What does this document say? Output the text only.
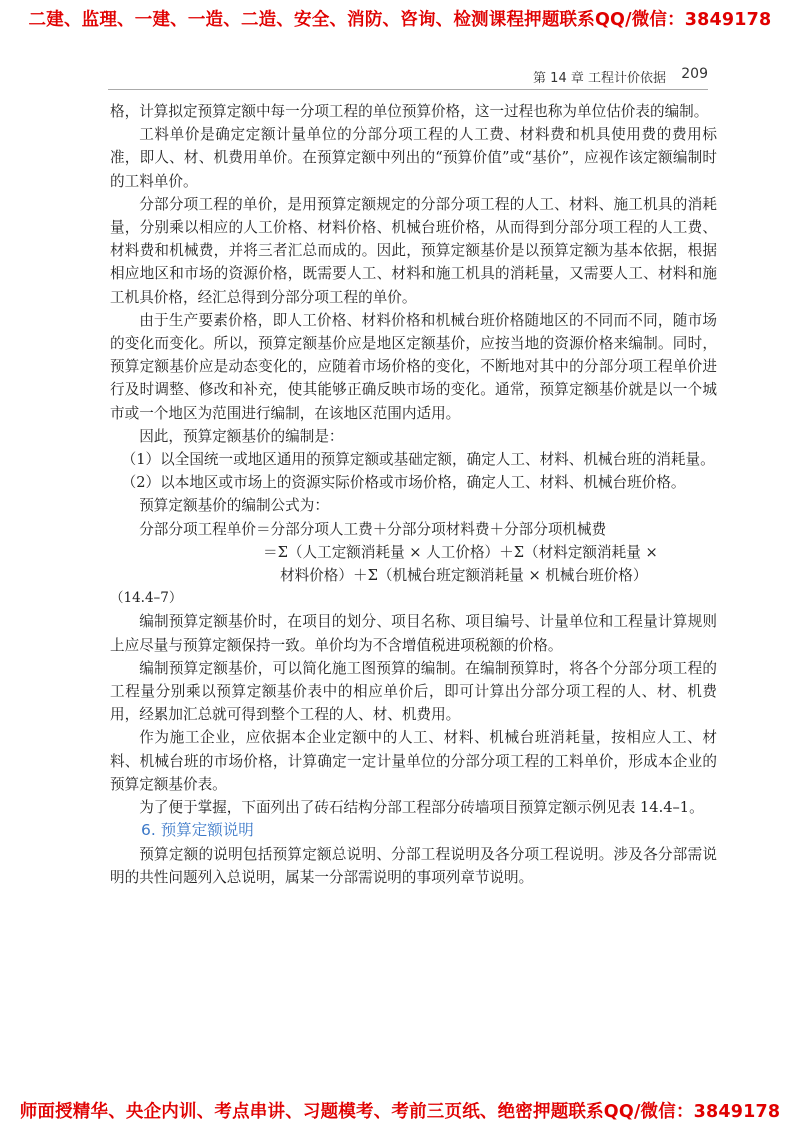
二建、监理、一建、一造、二造、安全、消防、咨询、检测课程押题联系QQ/微信：3849178
第 14 章 工程计价依据 209

格，计算拟定预算定额中每一分项工程的单位预算价格，这一过程也称为单位估价表的编制。

工料单价是确定定额计量单位的分部分项工程的人工费、材料费和机具使用费的费用标准，即人、材、机费用单价。在预算定额中列出的“预算价值”或“基价”，应视作该定额编制时的工料单价。

分部分项工程的单价，是用预算定额规定的分部分项工程的人工、材料、施工机具的消耗量，分别乘以相应的人工价格、材料价格、机械台班价格，从而得到分部分项工程的人工费、材料费和机械费，并将三者汇总而成的。因此，预算定额基价是以预算定额为基本依据，根据相应地区和市场的资源价格，既需要人工、材料和施工机具的消耗量，又需要人工、材料和施工机具价格，经汇总得到分部分项工程的单价。

由于生产要素价格，即人工价格、材料价格和机械台班价格随地区的不同而不同，随市场的变化而变化。所以，预算定额基价应是地区定额基价，应按当地的资源价格来编制。同时，预算定额基价应是动态变化的，应随着市场价格的变化，不断地对其中的分部分项工程单价进行及时调整、修改和补充，使其能够正确反映市场的变化。通常，预算定额基价就是以一个城市或一个地区为范围进行编制，在该地区范围内适用。

因此，预算定额基价的编制是：

（1）以全国统一或地区通用的预算定额或基础定额，确定人工、材料、机械台班的消耗量。

（2）以本地区或市场上的资源实际价格或市场价格，确定人工、材料、机械台班价格。

预算定额基价的编制公式为：

分部分项工程单价＝分部分项人工费＋分部分项材料费＋分部分项机械费

＝Σ（人工定额消耗量 × 人工价格）＋Σ（材料定额消耗量 ×

材料价格）＋Σ（机械台班定额消耗量 × 机械台班价格）

（14.4–7）

编制预算定额基价时，在项目的划分、项目名称、项目编号、计量单位和工程量计算规则上应尽量与预算定额保持一致。单价均为不含增值税进项税额的价格。

编制预算定额基价，可以简化施工图预算的编制。在编制预算时，将各个分部分项工程的工程量分别乘以预算定额基价表中的相应单价后，即可计算出分部分项工程的人、材、机费用，经累加汇总就可得到整个工程的人、材、机费用。

作为施工企业，应依据本企业定额中的人工、材料、机械台班消耗量，按相应人工、材料、机械台班的市场价格，计算确定一定计量单位的分部分项工程的工料单价，形成本企业的预算定额基价表。

为了便于掌握，下面列出了砖石结构分部工程部分砖墙项目预算定额示例见表 14.4–1。

6. 预算定额说明

预算定额的说明包括预算定额总说明、分部工程说明及各分项工程说明。涉及各分部需说明的共性问题列入总说明，属某一分部需说明的事项列章节说明。

师面授精华、央企内训、考点串讲、习题模考、考前三页纸、绝密押题联系QQ/微信：3849178
